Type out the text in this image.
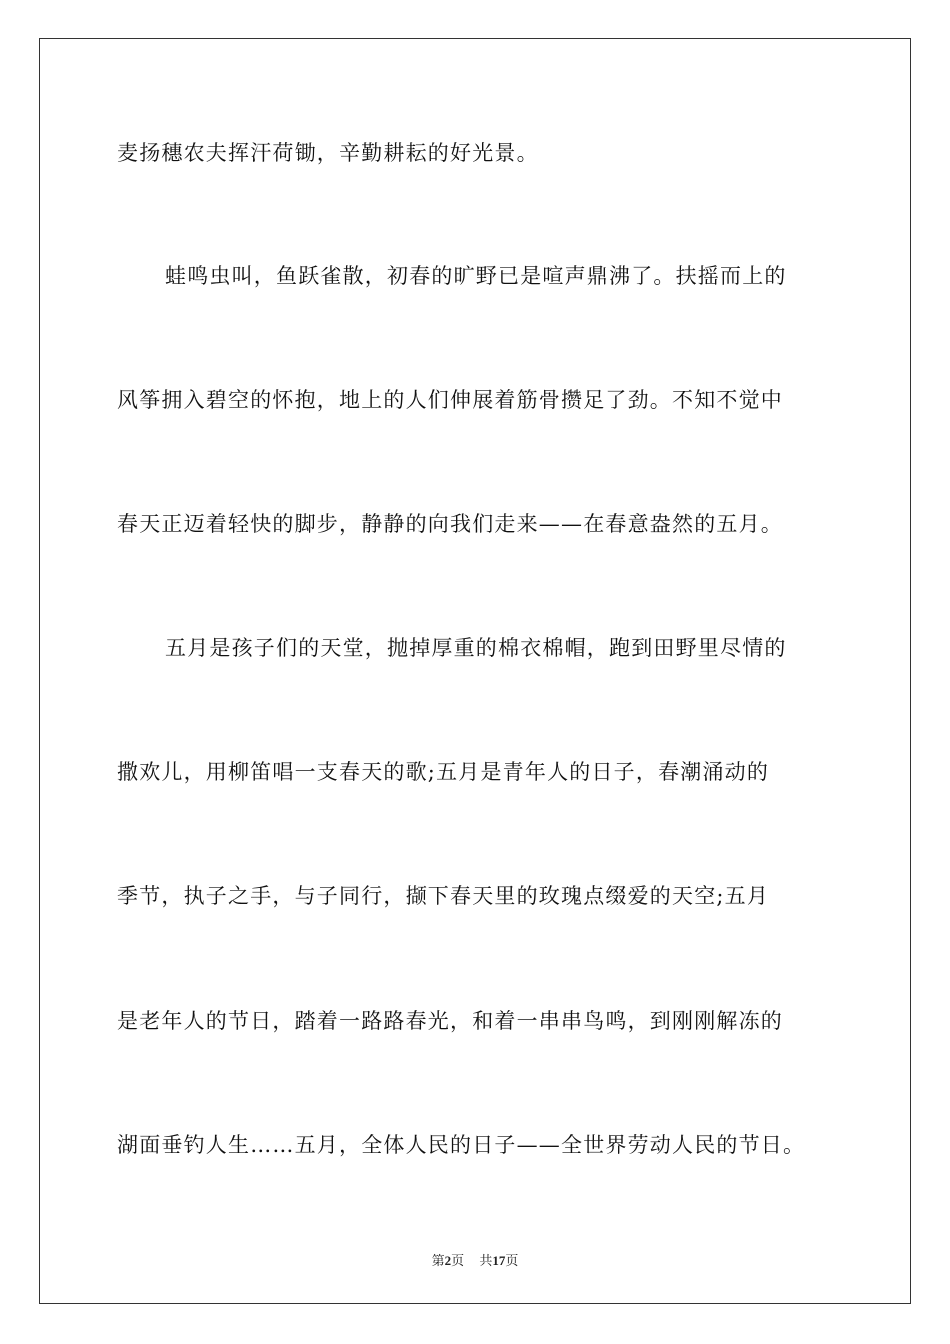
麦扬穗农夫挥汗荷锄，辛勤耕耘的好光景。
蛙鸣虫叫，鱼跃雀散，初春的旷野已是喧声鼎沸了。扶摇而上的
风筝拥入碧空的怀抱，地上的人们伸展着筋骨攒足了劲。不知不觉中
春天正迈着轻快的脚步，静静的向我们走来——在春意盎然的五月。
五月是孩子们的天堂，抛掉厚重的棉衣棉帽，跑到田野里尽情的
撒欢儿，用柳笛唱一支春天的歌;五月是青年人的日子，春潮涌动的
季节，执子之手，与子同行，撷下春天里的玫瑰点缀爱的天空;五月
是老年人的节日，踏着一路路春光，和着一串串鸟鸣，到刚刚解冻的
湖面垂钓人生……五月，全体人民的日子——全世界劳动人民的节日。
第2页 共17页
